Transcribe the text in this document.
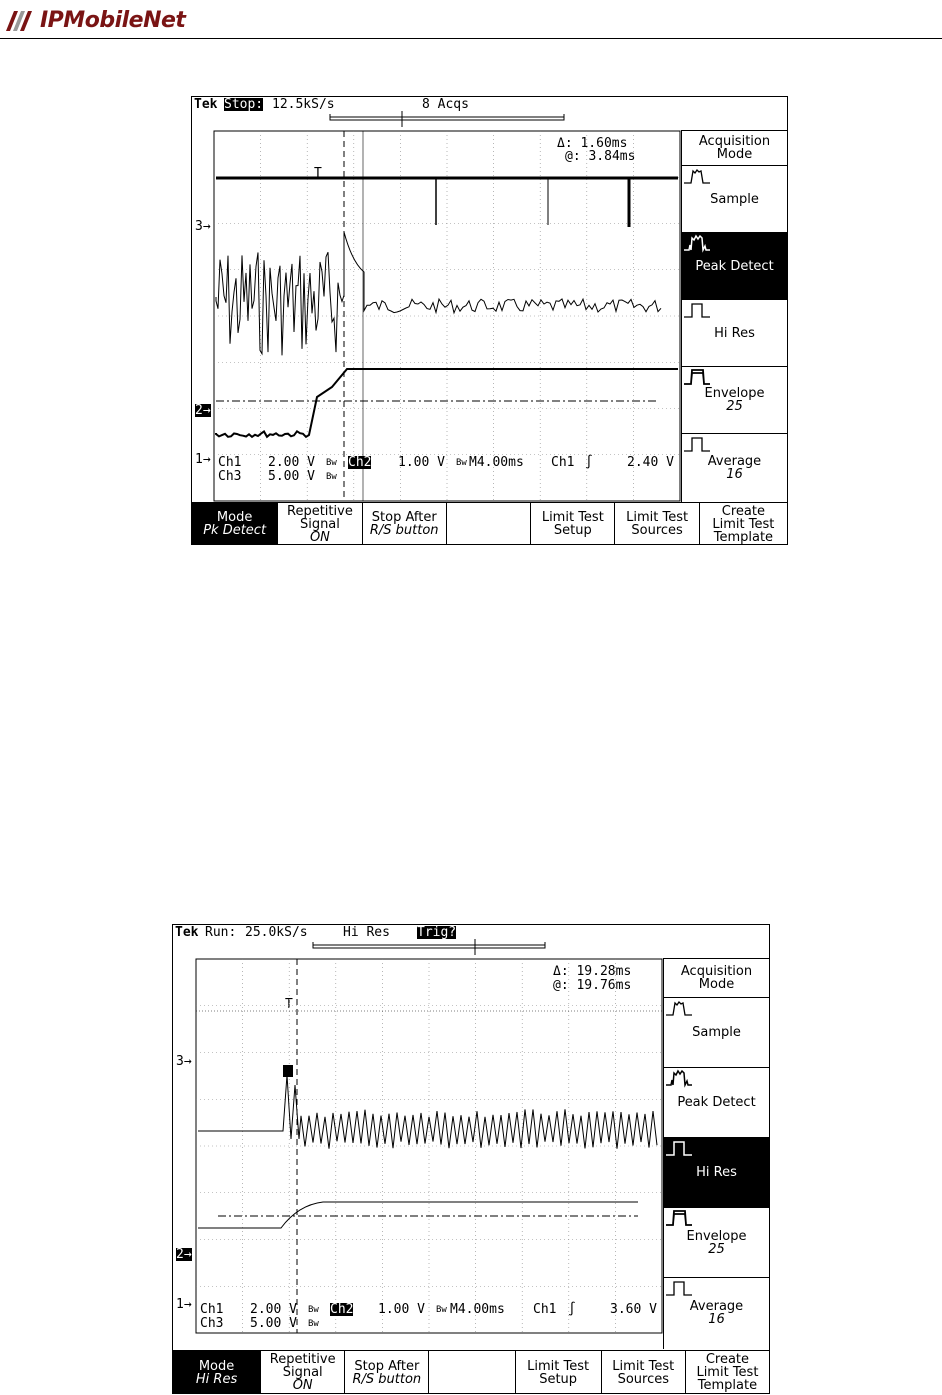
IPMobileNet
Tek Stop: 12.5kS/s	8 Acqs
Δ: 1.60ms
@: 3.84ms
3→
2→
1→
T
Ch1 2.00 V Βw Ch2 1.00 V Βw M4.00ms Ch1 ∫	2.40 V
Ch3 5.00 V Βw
Acquisition
Mode
Sample
Peak Detect
Hi Res
Envelope
25
Average
16
Mode
Pk Detect
Repetitive
Signal
ON
Stop After
R/S button
Limit Test
Setup
Limit Test
Sources
Create
Limit Test
Template
Tek Run: 25.0kS/s	Hi Res Trig?
Δ: 19.28ms
@: 19.76ms
3→
2→
1→
T
Ch1 2.00 V Βw Ch2 1.00 V Βw M4.00ms Ch1 ∫	3.60 V
Ch3 5.00 V Βw
Acquisition
Mode
Sample
Peak Detect
Hi Res
Envelope
25
Average
16
Mode
Hi Res
Repetitive
Signal
ON
Stop After
R/S button
Limit Test
Setup
Limit Test
Sources
Create
Limit Test
Template
